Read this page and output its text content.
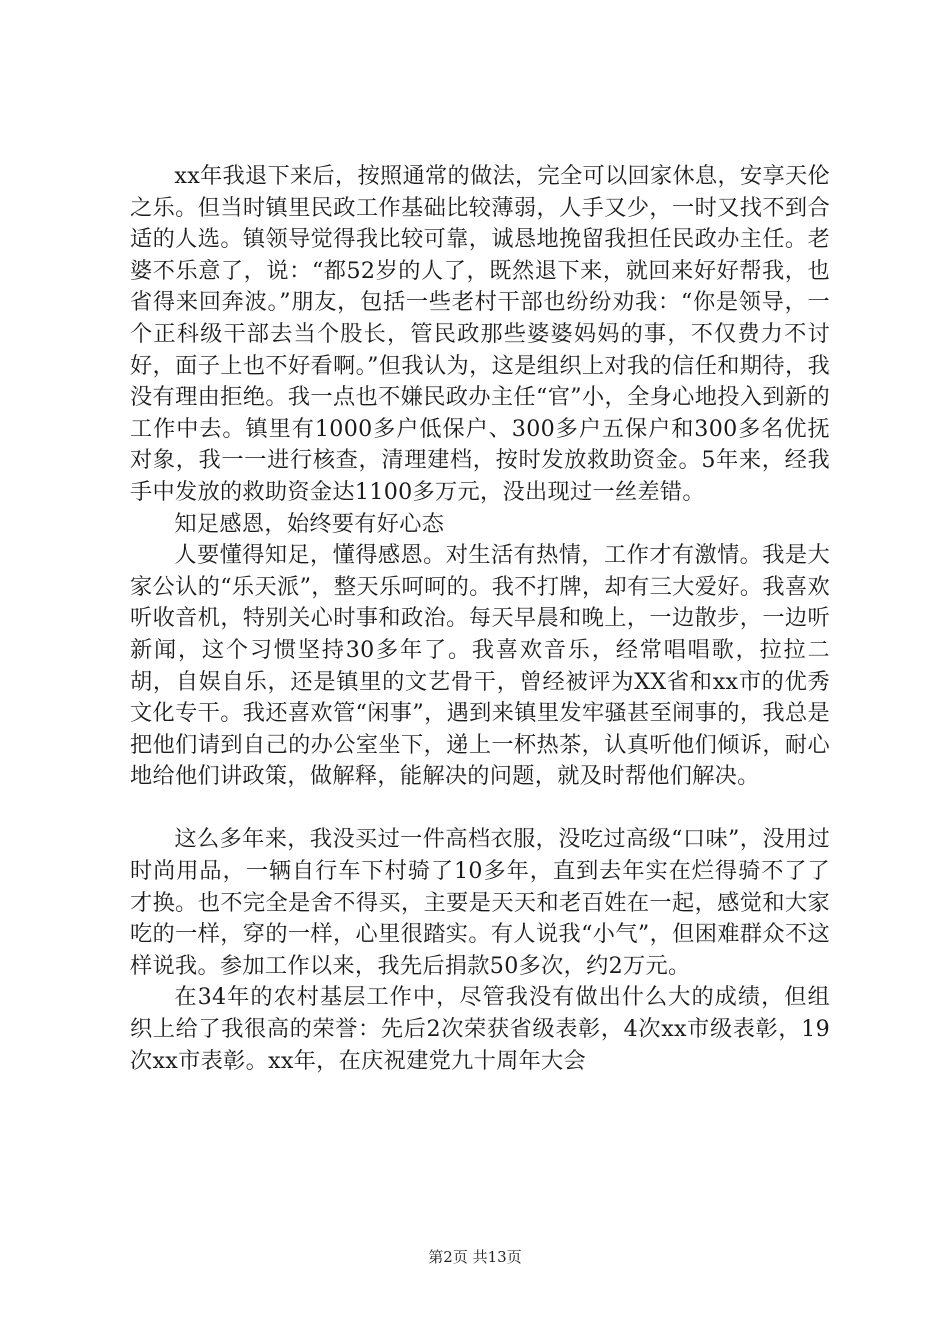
xx年我退下来后，按照通常的做法，完全可以回家休息，安享天伦之乐。但当时镇里民政工作基础比较薄弱，人手又少，一时又找不到合适的人选。镇领导觉得我比较可靠，诚恳地挽留我担任民政办主任。老婆不乐意了，说：“都52岁的人了，既然退下来，就回来好好帮我，也省得来回奔波。”朋友，包括一些老村干部也纷纷劝我：“你是领导，一个正科级干部去当个股长，管民政那些婆婆妈妈的事，不仅费力不讨好，面子上也不好看啊。”但我认为，这是组织上对我的信任和期待，我没有理由拒绝。我一点也不嫌民政办主任“官”小，全身心地投入到新的工作中去。镇里有1000多户低保户、300多户五保户和300多名优抚对象，我一一进行核查，清理建档，按时发放救助资金。5年来，经我手中发放的救助资金达1100多万元，没出现过一丝差错。

知足感恩，始终要有好心态

人要懂得知足，懂得感恩。对生活有热情，工作才有激情。我是大家公认的“乐天派”，整天乐呵呵的。我不打牌，却有三大爱好。我喜欢听收音机，特别关心时事和政治。每天早晨和晚上，一边散步，一边听新闻，这个习惯坚持30多年了。我喜欢音乐，经常唱唱歌，拉拉二胡，自娱自乐，还是镇里的文艺骨干，曾经被评为XX省和xx市的优秀文化专干。我还喜欢管“闲事”，遇到来镇里发牢骚甚至闹事的，我总是把他们请到自己的办公室坐下，递上一杯热茶，认真听他们倾诉，耐心地给他们讲政策，做解释，能解决的问题，就及时帮他们解决。

这么多年来，我没买过一件高档衣服，没吃过高级“口味”，没用过时尚用品，一辆自行车下村骑了10多年，直到去年实在烂得骑不了了才换。也不完全是舍不得买，主要是天天和老百姓在一起，感觉和大家吃的一样，穿的一样，心里很踏实。有人说我“小气”，但困难群众不这样说我。参加工作以来，我先后捐款50多次，约2万元。

在34年的农村基层工作中，尽管我没有做出什么大的成绩，但组织上给了我很高的荣誉：先后2次荣获省级表彰，4次xx市级表彰，19次xx市表彰。xx年，在庆祝建党九十周年大会

第2页 共13页
